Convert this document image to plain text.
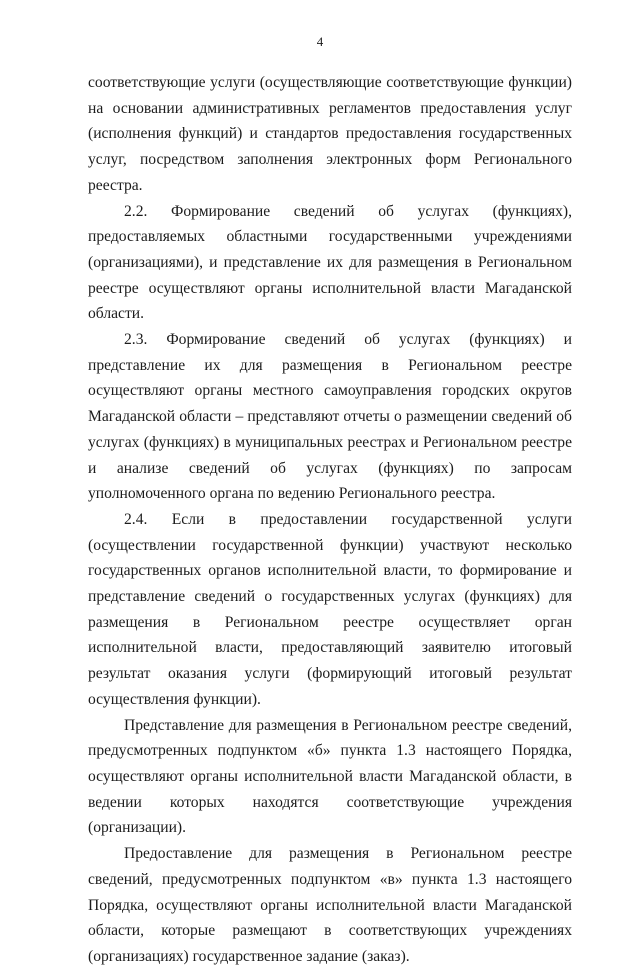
4

соответствующие услуги (осуществляющие соответствующие функции) на основании административных регламентов предоставления услуг (исполнения функций) и стандартов предоставления государственных услуг, посредством заполнения электронных форм Регионального реестра.

2.2. Формирование сведений об услугах (функциях), предоставляемых областными государственными учреждениями (организациями), и представление их для размещения в Региональном реестре осуществляют органы исполнительной власти Магаданской области.

2.3. Формирование сведений об услугах (функциях) и представление их для размещения в Региональном реестре осуществляют органы местного самоуправления городских округов Магаданской области – представляют отчеты о размещении сведений об услугах (функциях) в муниципальных реестрах и Региональном реестре и анализе сведений об услугах (функциях) по запросам уполномоченного органа по ведению Регионального реестра.

2.4. Если в предоставлении государственной услуги (осуществлении государственной функции) участвуют несколько государственных органов исполнительной власти, то формирование и представление сведений о государственных услугах (функциях) для размещения в Региональном реестре осуществляет орган исполнительной власти, предоставляющий заявителю итоговый результат оказания услуги (формирующий итоговый результат осуществления функции).

Представление для размещения в Региональном реестре сведений, предусмотренных подпунктом «б» пункта 1.3 настоящего Порядка, осуществляют органы исполнительной власти Магаданской области, в ведении которых находятся соответствующие учреждения (организации).

Предоставление для размещения в Региональном реестре сведений, предусмотренных подпунктом «в» пункта 1.3 настоящего Порядка, осуществляют органы исполнительной власти Магаданской области, которые размещают в соответствующих учреждениях (организациях) государственное задание (заказ).
